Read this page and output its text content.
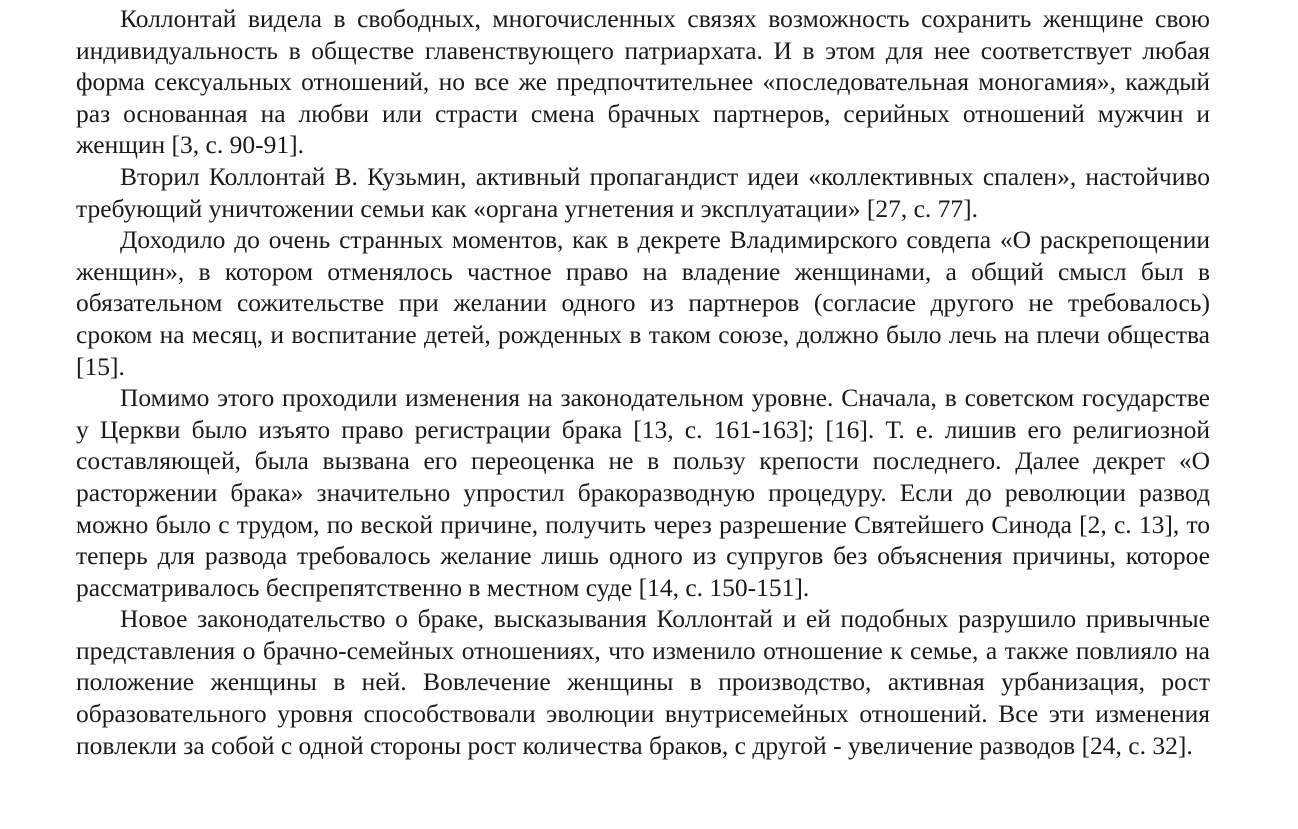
Коллонтай видела в свободных, многочисленных связях возможность сохранить женщине свою индивидуальность в обществе главенствующего патриархата. И в этом для нее соответствует любая форма сексуальных отношений, но все же предпочтительнее «последовательная моногамия», каждый раз основанная на любви или страсти смена брачных партнеров, серийных отношений мужчин и женщин [3, с. 90-91].

Вторил Коллонтай В. Кузьмин, активный пропагандист идеи «коллективных спален», настойчиво требующий уничтожении семьи как «органа угнетения и эксплуатации» [27, с. 77].

Доходило до очень странных моментов, как в декрете Владимирского совдепа «О раскрепощении женщин», в котором отменялось частное право на владение женщинами, а общий смысл был в обязательном сожительстве при желании одного из партнеров (согласие другого не требовалось) сроком на месяц, и воспитание детей, рожденных в таком союзе, должно было лечь на плечи общества [15].

Помимо этого проходили изменения на законодательном уровне. Сначала, в советском государстве у Церкви было изъято право регистрации брака [13, с. 161-163]; [16]. Т. е. лишив его религиозной составляющей, была вызвана его переоценка не в пользу крепости последнего. Далее декрет «О расторжении брака» значительно упростил бракоразводную процедуру. Если до революции развод можно было с трудом, по веской причине, получить через разрешение Святейшего Синода [2, с. 13], то теперь для развода требовалось желание лишь одного из супругов без объяснения причины, которое рассматривалось беспрепятственно в местном суде [14, с. 150-151].

Новое законодательство о браке, высказывания Коллонтай и ей подобных разрушило привычные представления о брачно-семейных отношениях, что изменило отношение к семье, а также повлияло на положение женщины в ней. Вовлечение женщины в производство, активная урбанизация, рост образовательного уровня способствовали эволюции внутрисемейных отношений. Все эти изменения повлекли за собой с одной стороны рост количества браков, с другой - увеличение разводов [24, с. 32].
